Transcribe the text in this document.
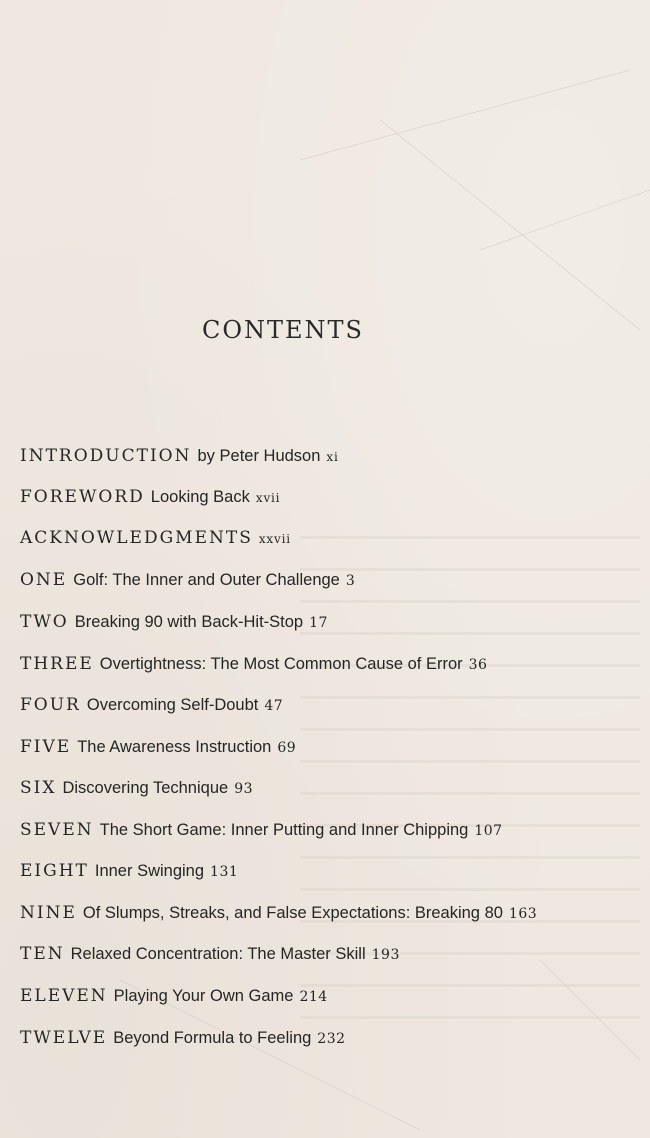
CONTENTS
INTRODUCTION by Peter Hudson xi
FOREWORD Looking Back xvii
ACKNOWLEDGMENTS xxvii
ONE Golf: The Inner and Outer Challenge 3
TWO Breaking 90 with Back-Hit-Stop 17
THREE Overtightness: The Most Common Cause of Error 36
FOUR Overcoming Self-Doubt 47
FIVE The Awareness Instruction 69
SIX Discovering Technique 93
SEVEN The Short Game: Inner Putting and Inner Chipping 107
EIGHT Inner Swinging 131
NINE Of Slumps, Streaks, and False Expectations: Breaking 80 163
TEN Relaxed Concentration: The Master Skill 193
ELEVEN Playing Your Own Game 214
TWELVE Beyond Formula to Feeling 232
